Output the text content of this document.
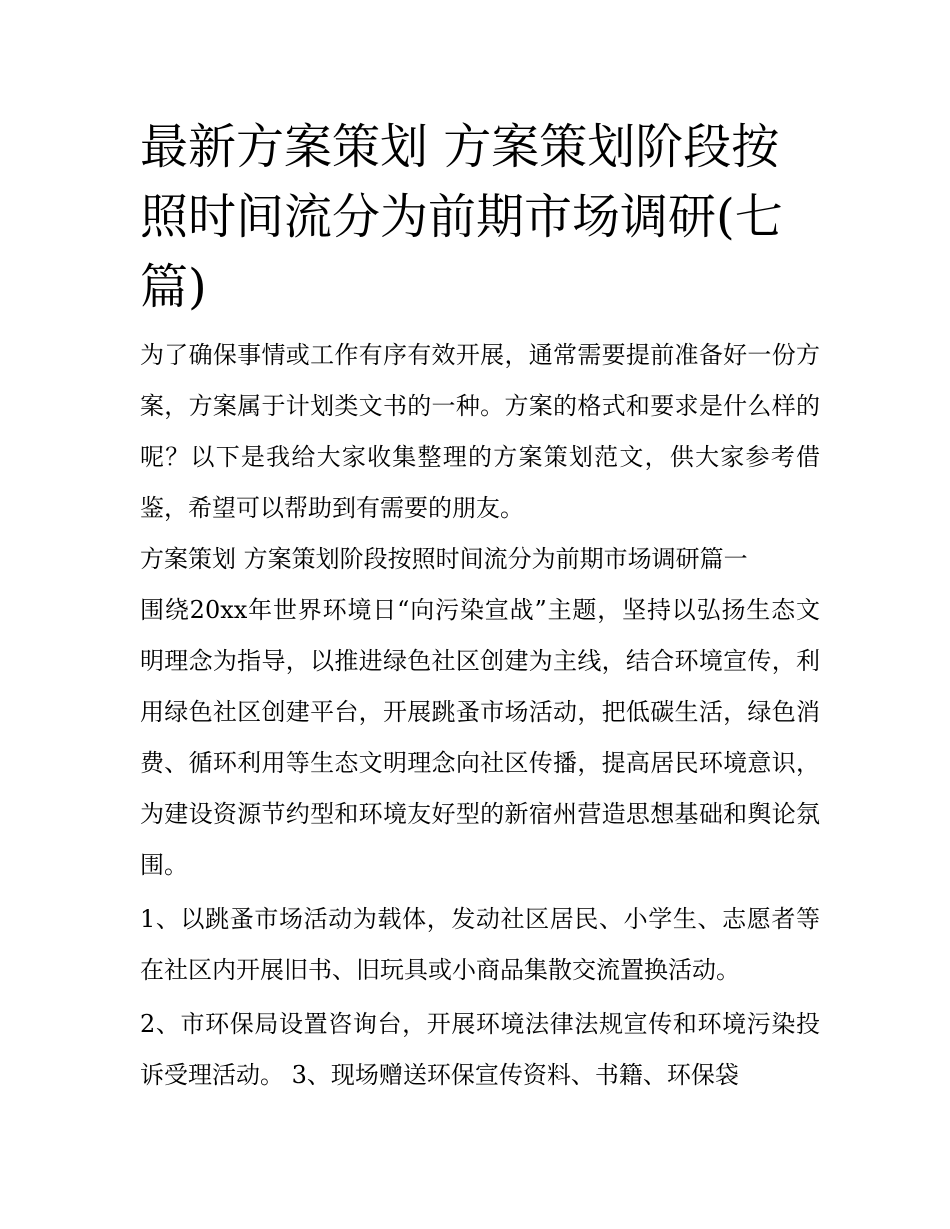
最新方案策划 方案策划阶段按照时间流分为前期市场调研(七篇)

为了确保事情或工作有序有效开展，通常需要提前准备好一份方案，方案属于计划类文书的一种。方案的格式和要求是什么样的呢？以下是我给大家收集整理的方案策划范文，供大家参考借鉴，希望可以帮助到有需要的朋友。

方案策划 方案策划阶段按照时间流分为前期市场调研篇一

围绕20xx年世界环境日“向污染宣战”主题，坚持以弘扬生态文明理念为指导，以推进绿色社区创建为主线，结合环境宣传，利用绿色社区创建平台，开展跳蚤市场活动，把低碳生活，绿色消费、循环利用等生态文明理念向社区传播，提高居民环境意识，为建设资源节约型和环境友好型的新宿州营造思想基础和舆论氛围。

1、以跳蚤市场活动为载体，发动社区居民、小学生、志愿者等在社区内开展旧书、旧玩具或小商品集散交流置换活动。

2、市环保局设置咨询台，开展环境法律法规宣传和环境污染投诉受理活动。 3、现场赠送环保宣传资料、书籍、环保袋
